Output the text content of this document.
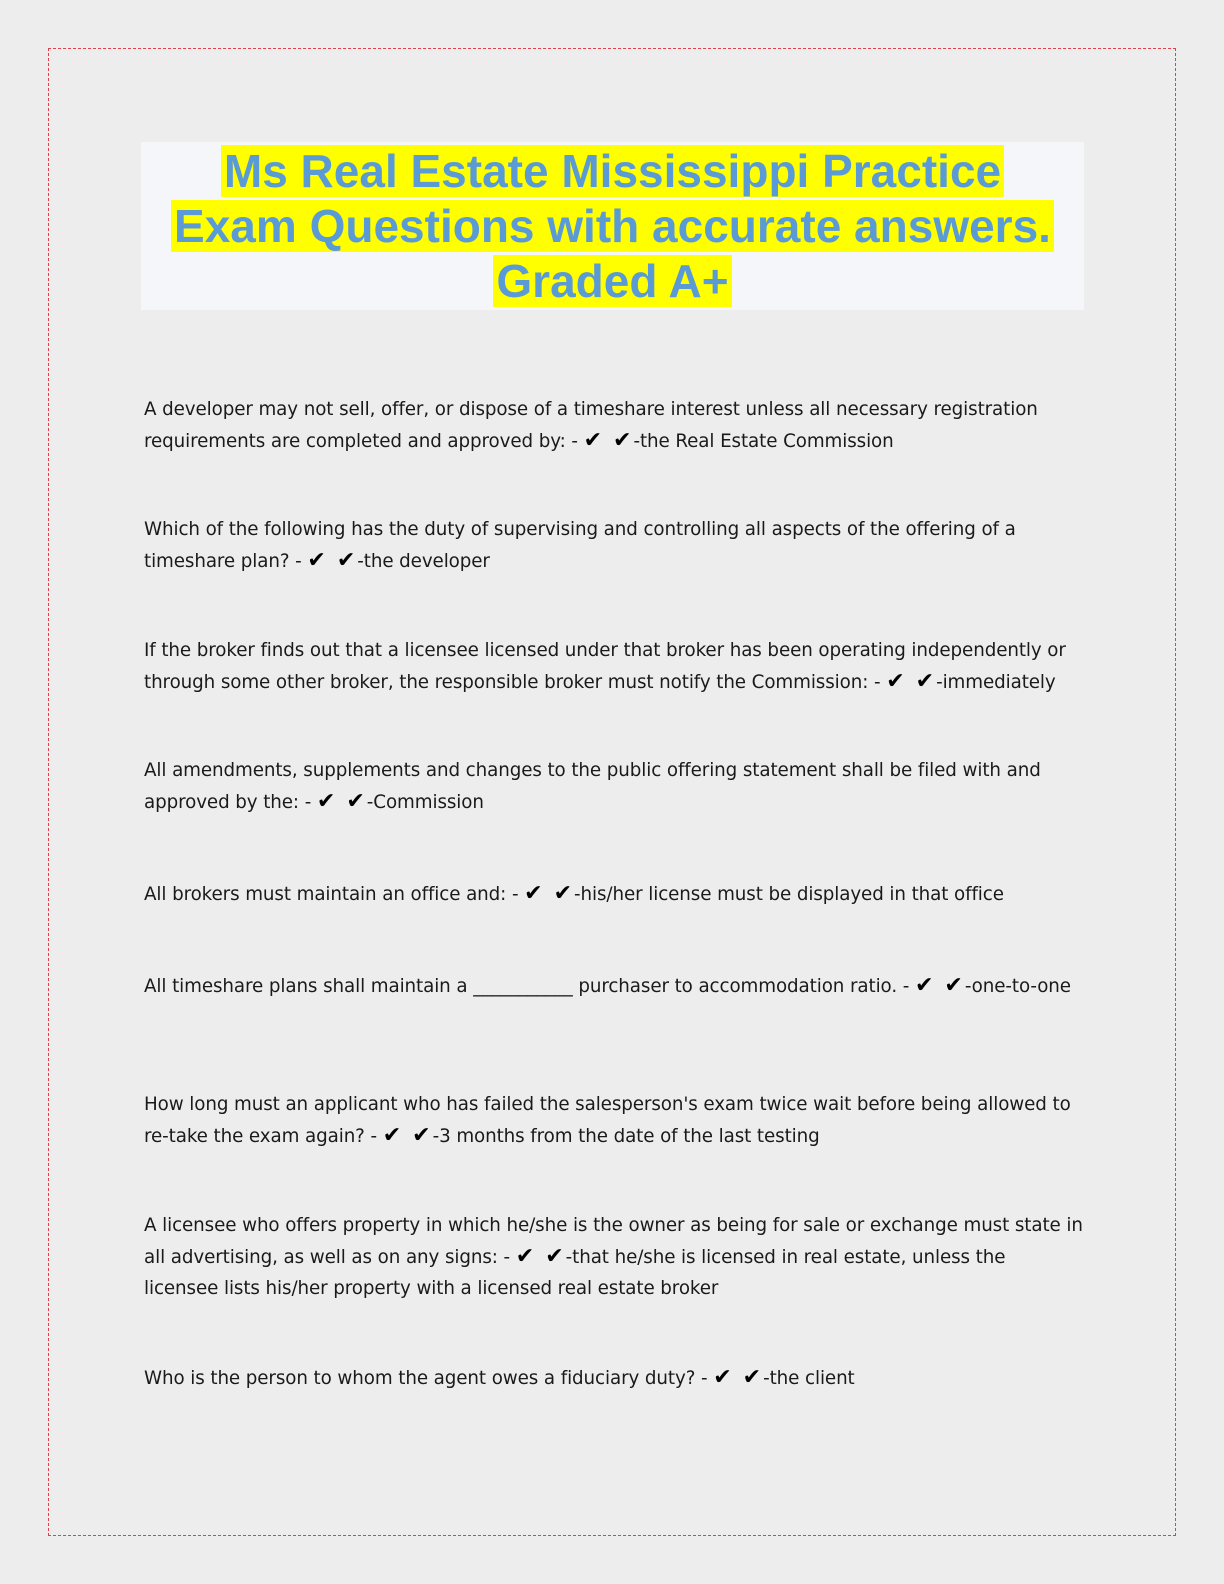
Ms Real Estate Mississippi Practice
Exam Questions with accurate answers.
Graded A+
A developer may not sell, offer, or dispose of a timeshare interest unless all necessary registration requirements are completed and approved by: - ✔ ✔-the Real Estate Commission
Which of the following has the duty of supervising and controlling all aspects of the offering of a timeshare plan? - ✔ ✔-the developer
If the broker finds out that a licensee licensed under that broker has been operating independently or through some other broker, the responsible broker must notify the Commission: - ✔ ✔-immediately
All amendments, supplements and changes to the public offering statement shall be filed with and approved by the: - ✔ ✔-Commission
All brokers must maintain an office and: - ✔ ✔-his/her license must be displayed in that office
All timeshare plans shall maintain a ___________ purchaser to accommodation ratio. - ✔ ✔-one-to-one
How long must an applicant who has failed the salesperson's exam twice wait before being allowed to re-take the exam again? - ✔ ✔-3 months from the date of the last testing
A licensee who offers property in which he/she is the owner as being for sale or exchange must state in all advertising, as well as on any signs: - ✔ ✔-that he/she is licensed in real estate, unless the licensee lists his/her property with a licensed real estate broker
Who is the person to whom the agent owes a fiduciary duty? - ✔ ✔-the client
